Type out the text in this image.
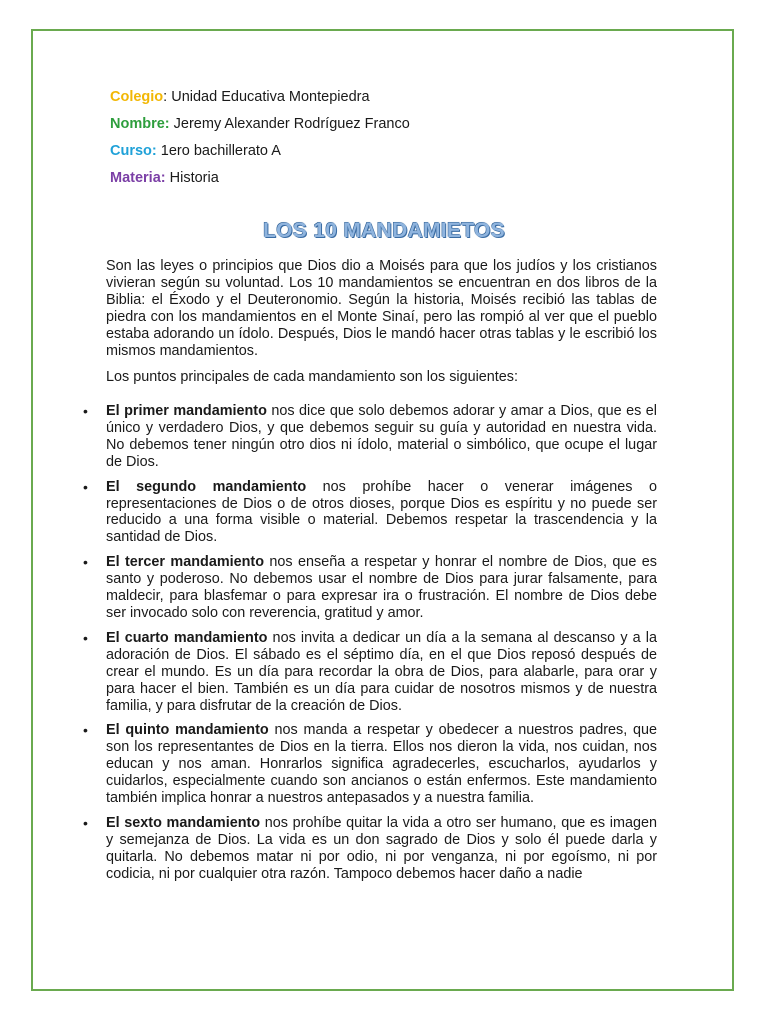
Colegio: Unidad Educativa Montepiedra
Nombre: Jeremy Alexander Rodríguez Franco
Curso: 1ero bachillerato A
Materia: Historia
LOS 10 MANDAMIETOS

Son las leyes o principios que Dios dio a Moisés para que los judíos y los cristianos vivieran según su voluntad. Los 10 mandamientos se encuentran en dos libros de la Biblia: el Éxodo y el Deuteronomio. Según la historia, Moisés recibió las tablas de piedra con los mandamientos en el Monte Sinaí, pero las rompió al ver que el pueblo estaba adorando un ídolo. Después, Dios le mandó hacer otras tablas y le escribió los mismos mandamientos.

Los puntos principales de cada mandamiento son los siguientes:

• El primer mandamiento nos dice que solo debemos adorar y amar a Dios, que es el único y verdadero Dios, y que debemos seguir su guía y autoridad en nuestra vida. No debemos tener ningún otro dios ni ídolo, material o simbólico, que ocupe el lugar de Dios.
• El segundo mandamiento nos prohíbe hacer o venerar imágenes o representaciones de Dios o de otros dioses, porque Dios es espíritu y no puede ser reducido a una forma visible o material. Debemos respetar la trascendencia y la santidad de Dios.
• El tercer mandamiento nos enseña a respetar y honrar el nombre de Dios, que es santo y poderoso. No debemos usar el nombre de Dios para jurar falsamente, para maldecir, para blasfemar o para expresar ira o frustración. El nombre de Dios debe ser invocado solo con reverencia, gratitud y amor.
• El cuarto mandamiento nos invita a dedicar un día a la semana al descanso y a la adoración de Dios. El sábado es el séptimo día, en el que Dios reposó después de crear el mundo. Es un día para recordar la obra de Dios, para alabarle, para orar y para hacer el bien. También es un día para cuidar de nosotros mismos y de nuestra familia, y para disfrutar de la creación de Dios.
• El quinto mandamiento nos manda a respetar y obedecer a nuestros padres, que son los representantes de Dios en la tierra. Ellos nos dieron la vida, nos cuidan, nos educan y nos aman. Honrarlos significa agradecerles, escucharlos, ayudarlos y cuidarlos, especialmente cuando son ancianos o están enfermos. Este mandamiento también implica honrar a nuestros antepasados y a nuestra familia.
• El sexto mandamiento nos prohíbe quitar la vida a otro ser humano, que es imagen y semejanza de Dios. La vida es un don sagrado de Dios y solo él puede darla y quitarla. No debemos matar ni por odio, ni por venganza, ni por egoísmo, ni por codicia, ni por cualquier otra razón. Tampoco debemos hacer daño a nadie
